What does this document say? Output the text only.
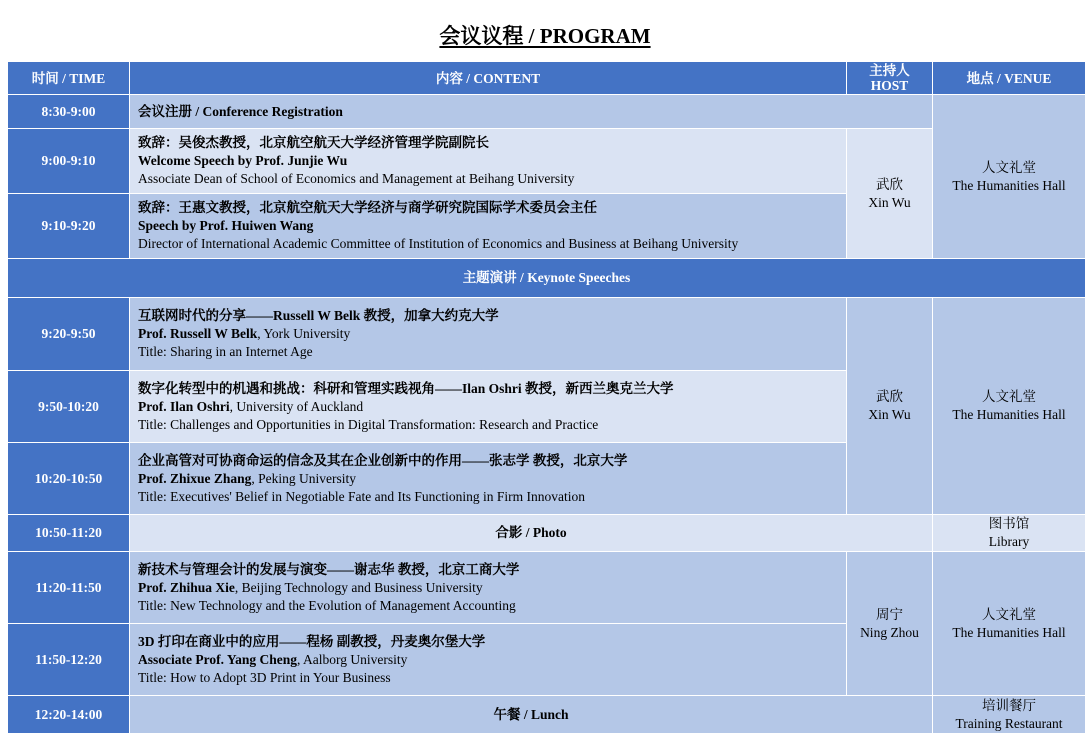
会议议程 / PROGRAM
时间 / TIME	内容 / CONTENT	主持人
HOST	地点 / VENUE
8:30-9:00	会议注册 / Conference Registration		人文礼堂
The Humanities Hall

9:00-9:10	致辞：吴俊杰教授，北京航空航天大学经济管理学院副院长
Welcome Speech by Prof. Junjie Wu
Associate Dean of School of Economics and Management at Beihang University	武欣
Xin Wu	

9:10-9:20	致辞：王惠文教授，北京航空航天大学经济与商学研究院国际学术委员会主任
Speech by Prof. Huiwen Wang
Director of International Academic Committee of Institution of Economics and Business at Beihang University		

主题演讲 / Keynote Speeches			
9:20-9:50	互联网时代的分享——Russell W Belk 教授，加拿大约克大学
Prof. Russell W Belk, York University
Title: Sharing in an Internet Age	武欣
Xin Wu	人文礼堂
The Humanities Hall

9:50-10:20	数字化转型中的机遇和挑战：科研和管理实践视角——Ilan Oshri 教授，新西兰奥克兰大学
Prof. Ilan Oshri, University of Auckland
Title: Challenges and Opportunities in Digital Transformation: Research and Practice		

10:20-10:50	企业高管对可协商命运的信念及其在企业创新中的作用——张志学 教授，北京大学
Prof. Zhixue Zhang, Peking University
Title: Executives' Belief in Negotiable Fate and Its Functioning in Firm Innovation		

10:50-11:20	合影 / Photo		图书馆
Library

11:20-11:50	新技术与管理会计的发展与演变——谢志华 教授，北京工商大学
Prof. Zhihua Xie, Beijing Technology and Business University
Title: New Technology and the Evolution of Management Accounting	周宁
Ning Zhou	人文礼堂
The Humanities Hall

11:50-12:20	3D 打印在商业中的应用——程杨 副教授，丹麦奥尔堡大学
Associate Prof. Yang Cheng, Aalborg University
Title: How to Adopt 3D Print in Your Business		

12:20-14:00	午餐 / Lunch		培训餐厅
Training Restaurant
